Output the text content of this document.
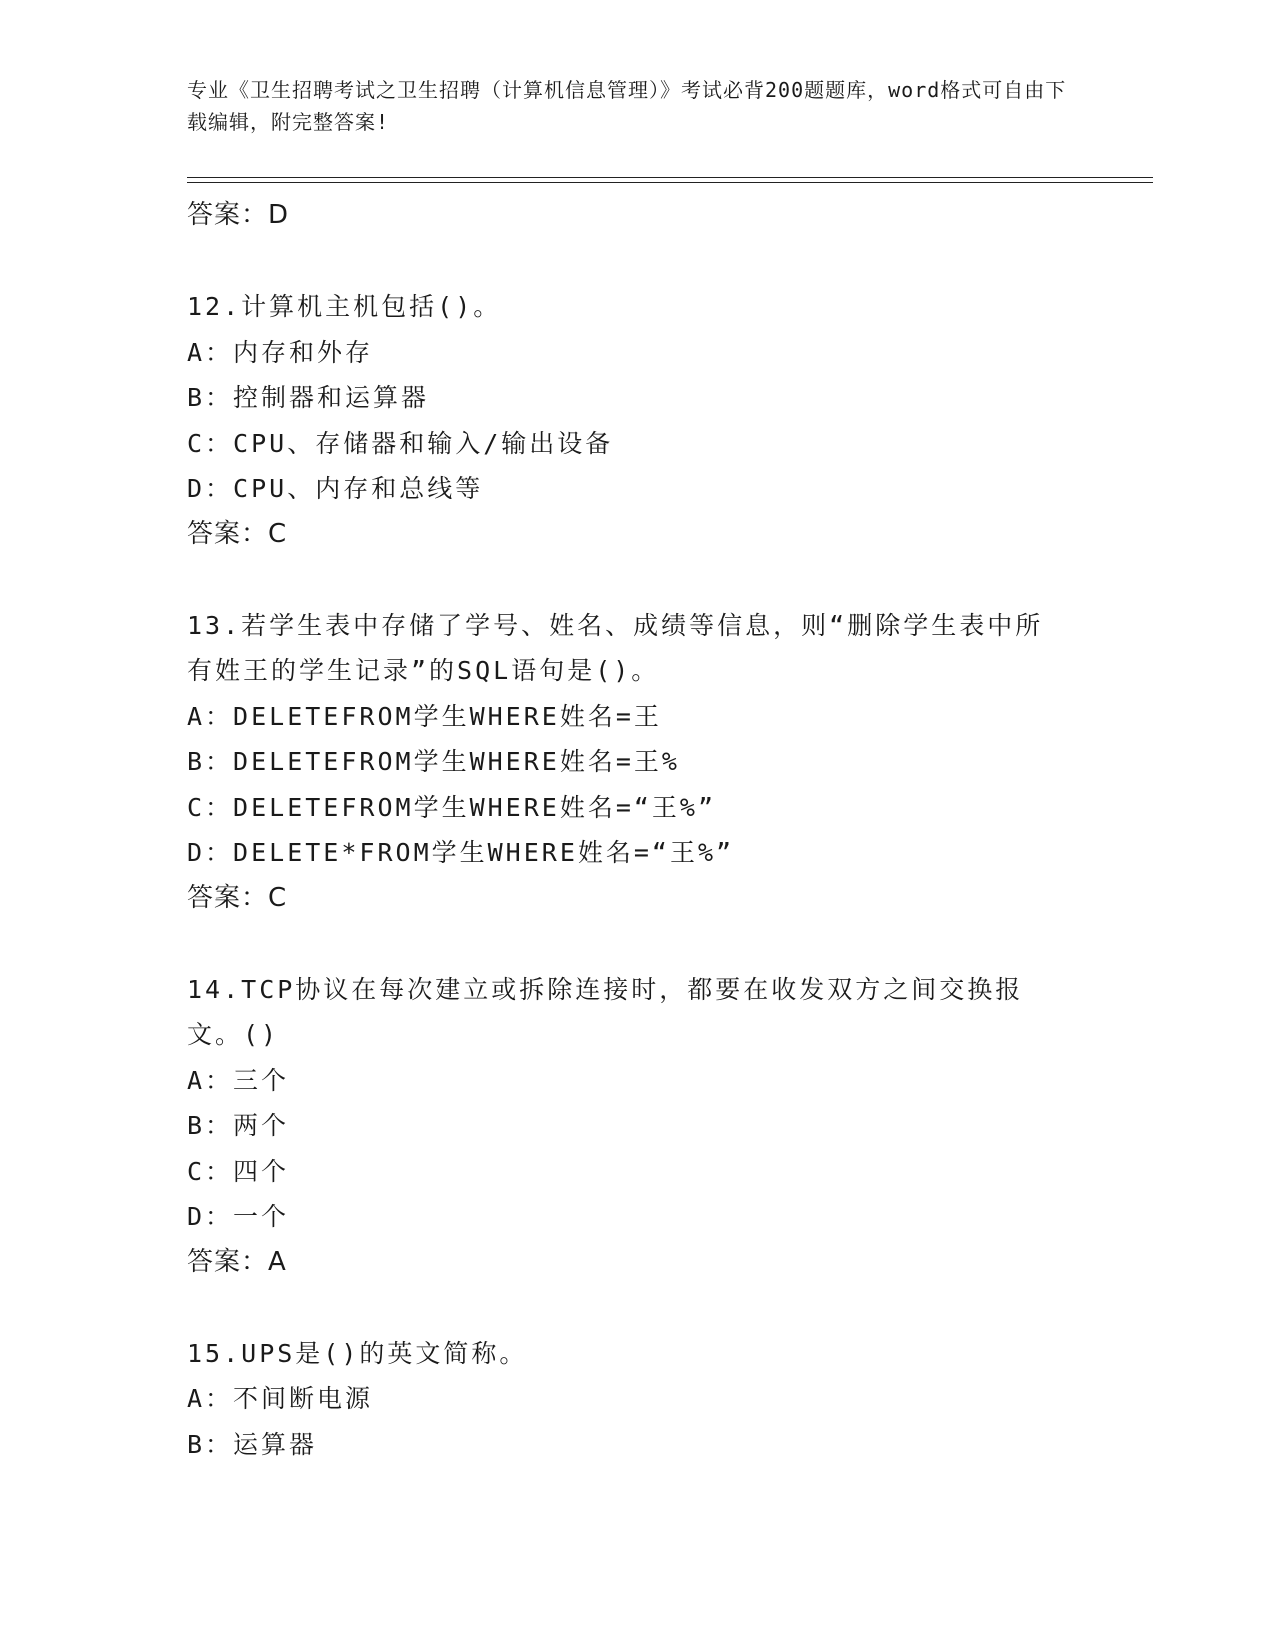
专业《卫生招聘考试之卫生招聘（计算机信息管理）》考试必背200题题库，word格式可自由下载编辑，附完整答案!
答案：D
12.计算机主机包括()。
A：内存和外存
B：控制器和运算器
C：CPU、存储器和输入/输出设备
D：CPU、内存和总线等
答案：C
13.若学生表中存储了学号、姓名、成绩等信息，则“删除学生表中所有姓王的学生记录”的SQL语句是()。
A：DELETEFROM学生WHERE姓名=王
B：DELETEFROM学生WHERE姓名=王%
C：DELETEFROM学生WHERE姓名=“王%”
D：DELETE*FROM学生WHERE姓名=“王%”
答案：C
14.TCP协议在每次建立或拆除连接时，都要在收发双方之间交换报文。()
A：三个
B：两个
C：四个
D：一个
答案：A
15.UPS是()的英文简称。
A：不间断电源
B：运算器
